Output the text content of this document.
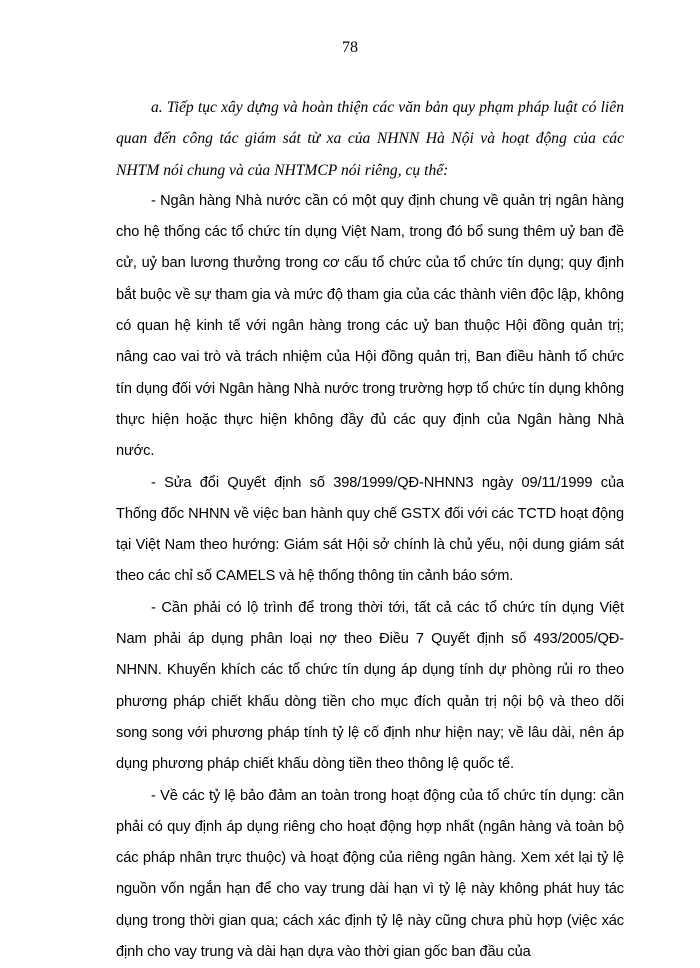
78

a. Tiếp tục xây dựng và hoàn thiện các văn bản quy phạm pháp luật có liên quan đến công tác giám sát từ xa của NHNN Hà Nội và hoạt động của các NHTM nói chung và của NHTMCP nói riêng, cụ thể:

- Ngân hàng Nhà nước cần có một quy định chung về quản trị ngân hàng cho hệ thống các tổ chức tín dụng Việt Nam, trong đó bổ sung thêm uỷ ban đề cử, uỷ ban lương thưởng trong cơ cấu tổ chức của tổ chức tín dụng; quy định bắt buộc về sự tham gia và mức độ tham gia của các thành viên độc lập, không có quan hệ kinh tế với ngân hàng trong các uỷ ban thuộc Hội đồng quản trị; nâng cao vai trò và trách nhiệm của Hội đồng quản trị, Ban điều hành tổ chức tín dụng đối với Ngân hàng Nhà nước trong trường hợp tổ chức tín dụng không thực hiện hoặc thực hiện không đầy đủ các quy định của Ngân hàng Nhà nước.

- Sửa đổi Quyết định số 398/1999/QĐ-NHNN3 ngày 09/11/1999 của Thống đốc NHNN về việc ban hành quy chế GSTX đối với các TCTD hoạt động tại Việt Nam theo hướng: Giám sát Hội sở chính là chủ yếu, nội dung giám sát theo các chỉ số CAMELS và hệ thống thông tin cảnh báo sớm.

- Cần phải có lộ trình để trong thời tới, tất cả các tổ chức tín dụng Việt Nam phải áp dụng phân loại nợ theo Điều 7 Quyết định số 493/2005/QĐ-NHNN. Khuyến khích các tổ chức tín dụng áp dụng tính dự phòng rủi ro theo phương pháp chiết khấu dòng tiền cho mục đích quản trị nội bộ và theo dõi song song với phương pháp tính tỷ lệ cố định như hiện nay; về lâu dài, nên áp dụng phương pháp chiết khấu dòng tiền theo thông lệ quốc tế.

- Về các tỷ lệ bảo đảm an toàn trong hoạt động của tổ chức tín dụng: cần phải có quy định áp dụng riêng cho hoạt động hợp nhất (ngân hàng và toàn bộ các pháp nhân trực thuộc) và hoạt động của riêng ngân hàng. Xem xét lại tỷ lệ nguồn vốn ngắn hạn để cho vay trung dài hạn vì tỷ lệ này không phát huy tác dụng trong thời gian qua; cách xác định tỷ lệ này cũng chưa phù hợp (việc xác định cho vay trung và dài hạn dựa vào thời gian gốc ban đầu của
